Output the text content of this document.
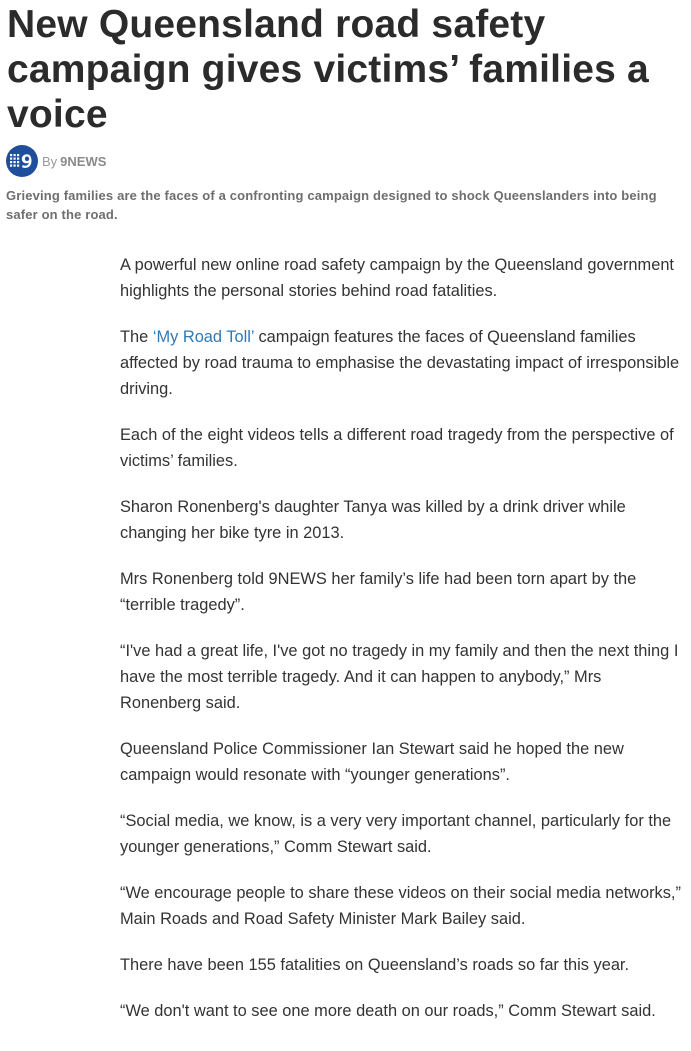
New Queensland road safety campaign gives victims’ families a voice
By 9NEWS

Grieving families are the faces of a confronting campaign designed to shock Queenslanders into being safer on the road.

A powerful new online road safety campaign by the Queensland government highlights the personal stories behind road fatalities.

The ‘My Road Toll’ campaign features the faces of Queensland families affected by road trauma to emphasise the devastating impact of irresponsible driving.

Each of the eight videos tells a different road tragedy from the perspective of victims’ families.

Sharon Ronenberg's daughter Tanya was killed by a drink driver while changing her bike tyre in 2013.

Mrs Ronenberg told 9NEWS her family’s life had been torn apart by the “terrible tragedy”.

“I've had a great life, I've got no tragedy in my family and then the next thing I have the most terrible tragedy. And it can happen to anybody,” Mrs Ronenberg said.

Queensland Police Commissioner Ian Stewart said he hoped the new campaign would resonate with “younger generations”.

“Social media, we know, is a very very important channel, particularly for the younger generations,” Comm Stewart said.

“We encourage people to share these videos on their social media networks,” Main Roads and Road Safety Minister Mark Bailey said.

There have been 155 fatalities on Queensland’s roads so far this year.

“We don't want to see one more death on our roads,” Comm Stewart said.
